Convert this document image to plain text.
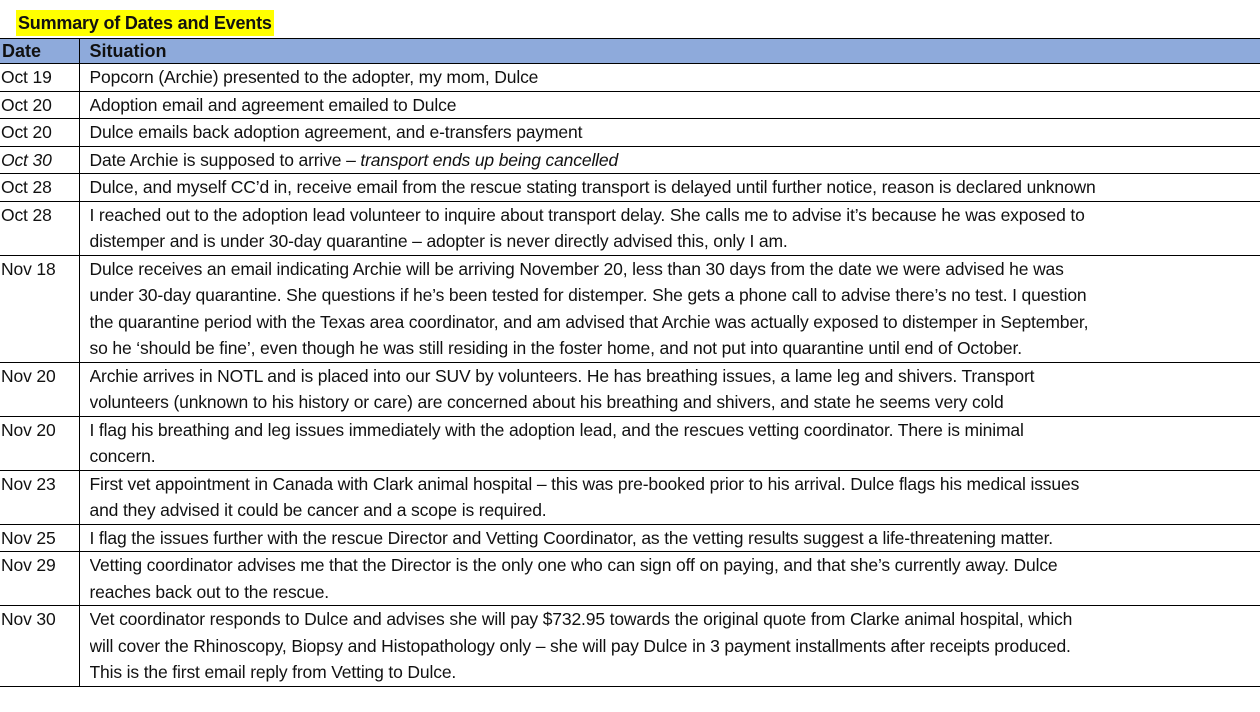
Summary of Dates and Events
Date	Situation
Oct 19	Popcorn (Archie) presented to the adopter, my mom, Dulce

Oct 20	Adoption email and agreement emailed to Dulce

Oct 20	Dulce emails back adoption agreement, and e-transfers payment

Oct 30	Date Archie is supposed to arrive – transport ends up being cancelled

Oct 28	Dulce, and myself CC’d in, receive email from the rescue stating transport is delayed until further notice, reason is declared unknown

Oct 28	I reached out to the adoption lead volunteer to inquire about transport delay. She calls me to advise it’s because he was exposed to
distemper and is under 30-day quarantine – adopter is never directly advised this, only I am.

Nov 18	Dulce receives an email indicating Archie will be arriving November 20, less than 30 days from the date we were advised he was
under 30-day quarantine. She questions if he’s been tested for distemper. She gets a phone call to advise there’s no test. I question
the quarantine period with the Texas area coordinator, and am advised that Archie was actually exposed to distemper in September,
so he ‘should be fine’, even though he was still residing in the foster home, and not put into quarantine until end of October.

Nov 20	Archie arrives in NOTL and is placed into our SUV by volunteers. He has breathing issues, a lame leg and shivers. Transport
volunteers (unknown to his history or care) are concerned about his breathing and shivers, and state he seems very cold

Nov 20	I flag his breathing and leg issues immediately with the adoption lead, and the rescues vetting coordinator. There is minimal
concern.

Nov 23	First vet appointment in Canada with Clark animal hospital – this was pre-booked prior to his arrival. Dulce flags his medical issues
and they advised it could be cancer and a scope is required.

Nov 25	I flag the issues further with the rescue Director and Vetting Coordinator, as the vetting results suggest a life-threatening matter.

Nov 29	Vetting coordinator advises me that the Director is the only one who can sign off on paying, and that she’s currently away. Dulce
reaches back out to the rescue.

Nov 30	Vet coordinator responds to Dulce and advises she will pay $732.95 towards the original quote from Clarke animal hospital, which
will cover the Rhinoscopy, Biopsy and Histopathology only – she will pay Dulce in 3 payment installments after receipts produced.
This is the first email reply from Vetting to Dulce.
